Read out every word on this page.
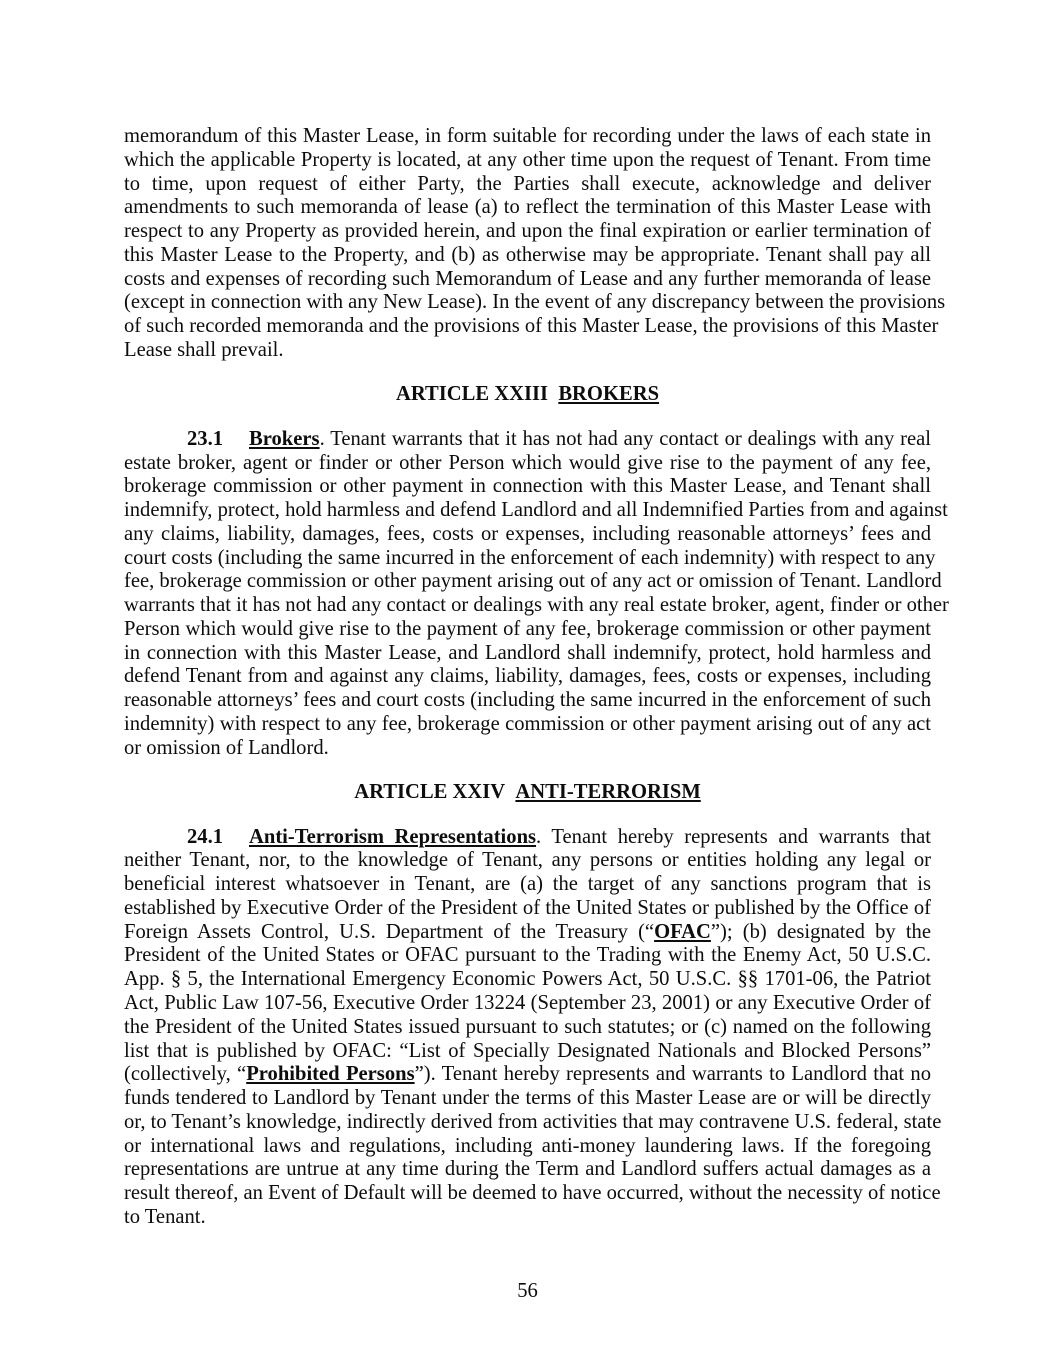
memorandum of this Master Lease, in form suitable for recording under the laws of each state in
which the applicable Property is located, at any other time upon the request of Tenant. From time
to time, upon request of either Party, the Parties shall execute, acknowledge and deliver
amendments to such memoranda of lease (a) to reflect the termination of this Master Lease with
respect to any Property as provided herein, and upon the final expiration or earlier termination of
this Master Lease to the Property, and (b) as otherwise may be appropriate. Tenant shall pay all
costs and expenses of recording such Memorandum of Lease and any further memoranda of lease
(except in connection with any New Lease). In the event of any discrepancy between the provisions
of such recorded memoranda and the provisions of this Master Lease, the provisions of this Master
Lease shall prevail.
ARTICLE XXIII BROKERS
23.1 Brokers. Tenant warrants that it has not had any contact or dealings with any real
estate broker, agent or finder or other Person which would give rise to the payment of any fee,
brokerage commission or other payment in connection with this Master Lease, and Tenant shall
indemnify, protect, hold harmless and defend Landlord and all Indemnified Parties from and against
any claims, liability, damages, fees, costs or expenses, including reasonable attorneys’ fees and
court costs (including the same incurred in the enforcement of each indemnity) with respect to any
fee, brokerage commission or other payment arising out of any act or omission of Tenant. Landlord
warrants that it has not had any contact or dealings with any real estate broker, agent, finder or other
Person which would give rise to the payment of any fee, brokerage commission or other payment
in connection with this Master Lease, and Landlord shall indemnify, protect, hold harmless and
defend Tenant from and against any claims, liability, damages, fees, costs or expenses, including
reasonable attorneys’ fees and court costs (including the same incurred in the enforcement of such
indemnity) with respect to any fee, brokerage commission or other payment arising out of any act
or omission of Landlord.
ARTICLE XXIV ANTI-TERRORISM
24.1 Anti-Terrorism Representations. Tenant hereby represents and warrants that
neither Tenant, nor, to the knowledge of Tenant, any persons or entities holding any legal or
beneficial interest whatsoever in Tenant, are (a) the target of any sanctions program that is
established by Executive Order of the President of the United States or published by the Office of
Foreign Assets Control, U.S. Department of the Treasury (“OFAC”); (b) designated by the
President of the United States or OFAC pursuant to the Trading with the Enemy Act, 50 U.S.C.
App. § 5, the International Emergency Economic Powers Act, 50 U.S.C. §§ 1701-06, the Patriot
Act, Public Law 107-56, Executive Order 13224 (September 23, 2001) or any Executive Order of
the President of the United States issued pursuant to such statutes; or (c) named on the following
list that is published by OFAC: “List of Specially Designated Nationals and Blocked Persons”
(collectively, “Prohibited Persons”). Tenant hereby represents and warrants to Landlord that no
funds tendered to Landlord by Tenant under the terms of this Master Lease are or will be directly
or, to Tenant’s knowledge, indirectly derived from activities that may contravene U.S. federal, state
or international laws and regulations, including anti-money laundering laws. If the foregoing
representations are untrue at any time during the Term and Landlord suffers actual damages as a
result thereof, an Event of Default will be deemed to have occurred, without the necessity of notice
to Tenant.
56
